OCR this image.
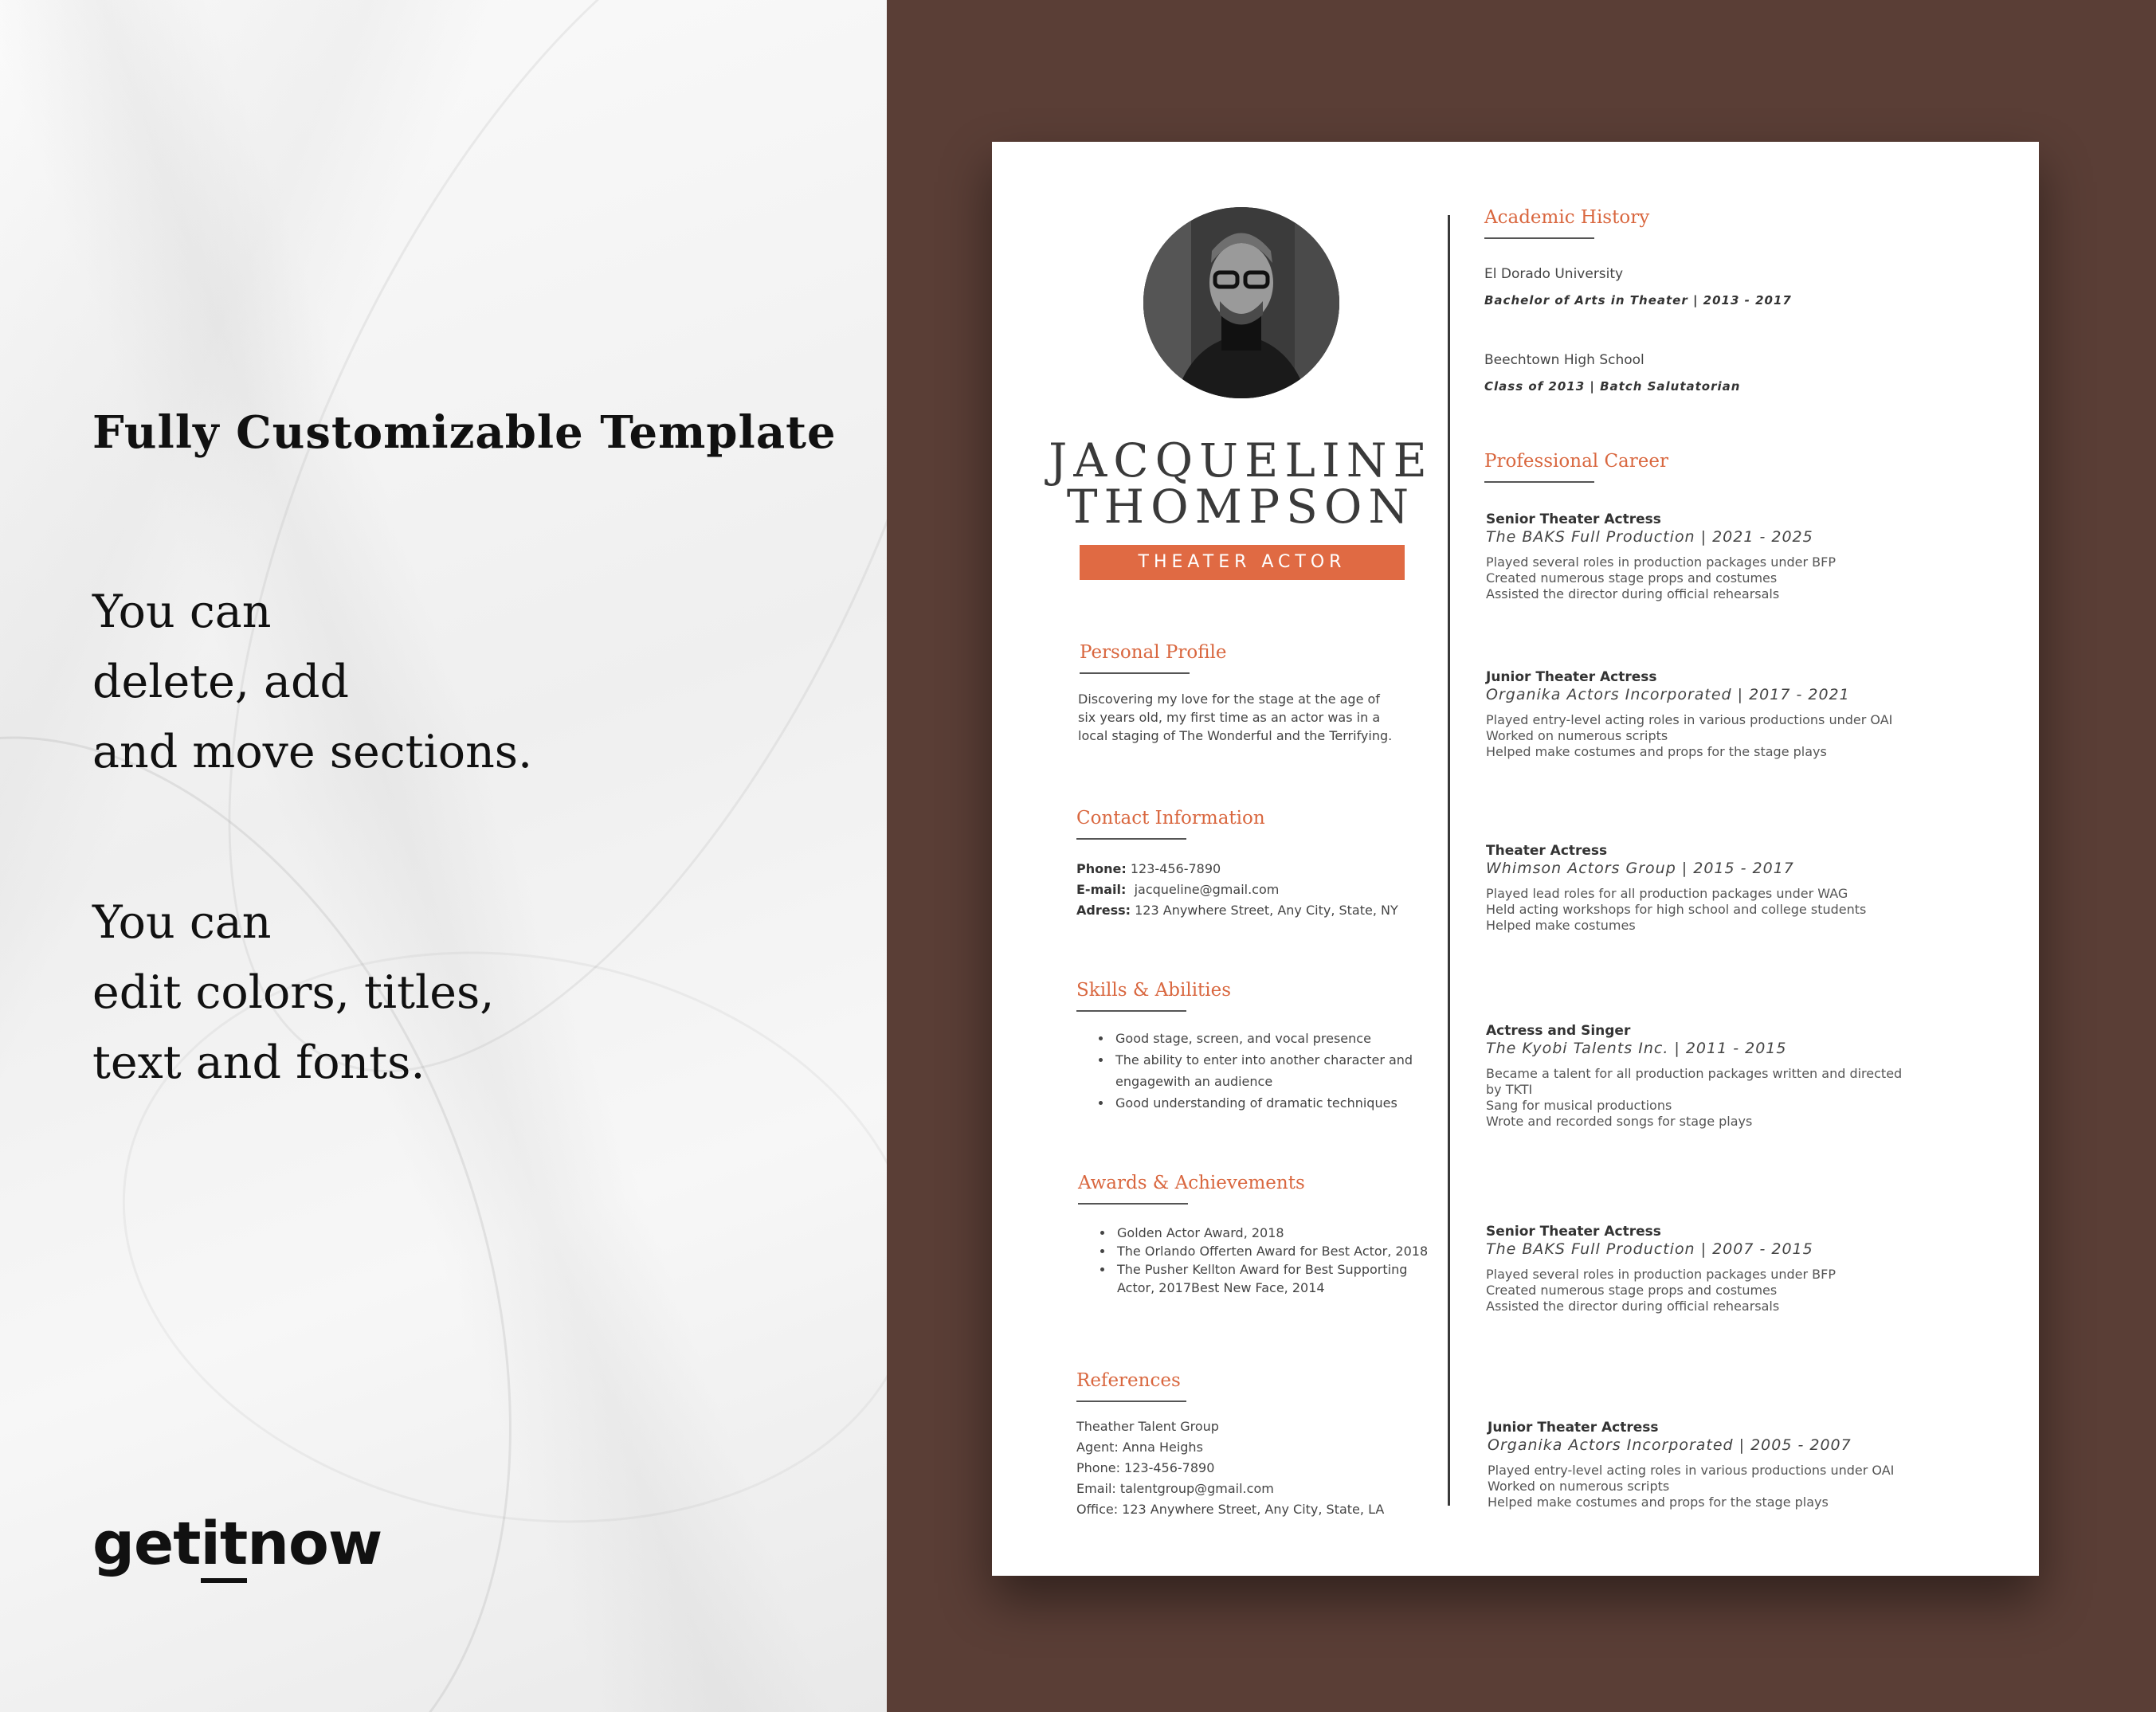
Fully Customizable Template
You can
delete, add
and move sections.
You can
edit colors, titles,
text and fonts.
getitnow
JACQUELINE
THOMPSON
THEATER ACTOR
Personal Profile
Discovering my love for the stage at the age of six years old, my first time as an actor was in a local staging of The Wonderful and the Terrifying.
Contact Information
Phone: 123-456-7890
E-mail: jacqueline@gmail.com
Adress: 123 Anywhere Street, Any City, State, NY
Skills & Abilities
• Good stage, screen, and vocal presence
• The ability to enter into another character and engagewith an audience
• Good understanding of dramatic techniques
Awards & Achievements
• Golden Actor Award, 2018
• The Orlando Offerten Award for Best Actor, 2018
• The Pusher Kellton Award for Best Supporting Actor, 2017Best New Face, 2014
References
Theather Talent Group
Agent: Anna Heighs
Phone: 123-456-7890
Email: talentgroup@gmail.com
Office: 123 Anywhere Street, Any City, State, LA
Academic History
El Dorado University
Bachelor of Arts in Theater | 2013 - 2017
Beechtown High School
Class of 2013 | Batch Salutatorian
Professional Career
Senior Theater Actress
The BAKS Full Production | 2021 - 2025
Played several roles in production packages under BFP
Created numerous stage props and costumes
Assisted the director during official rehearsals
Junior Theater Actress
Organika Actors Incorporated | 2017 - 2021
Played entry-level acting roles in various productions under OAI
Worked on numerous scripts
Helped make costumes and props for the stage plays
Theater Actress
Whimson Actors Group | 2015 - 2017
Played lead roles for all production packages under WAG
Held acting workshops for high school and college students
Helped make costumes
Actress and Singer
The Kyobi Talents Inc. | 2011 - 2015
Became a talent for all production packages written and directed
by TKTI
Sang for musical productions
Wrote and recorded songs for stage plays
Senior Theater Actress
The BAKS Full Production | 2007 - 2015
Played several roles in production packages under BFP
Created numerous stage props and costumes
Assisted the director during official rehearsals
Junior Theater Actress
Organika Actors Incorporated | 2005 - 2007
Played entry-level acting roles in various productions under OAI
Worked on numerous scripts
Helped make costumes and props for the stage plays
